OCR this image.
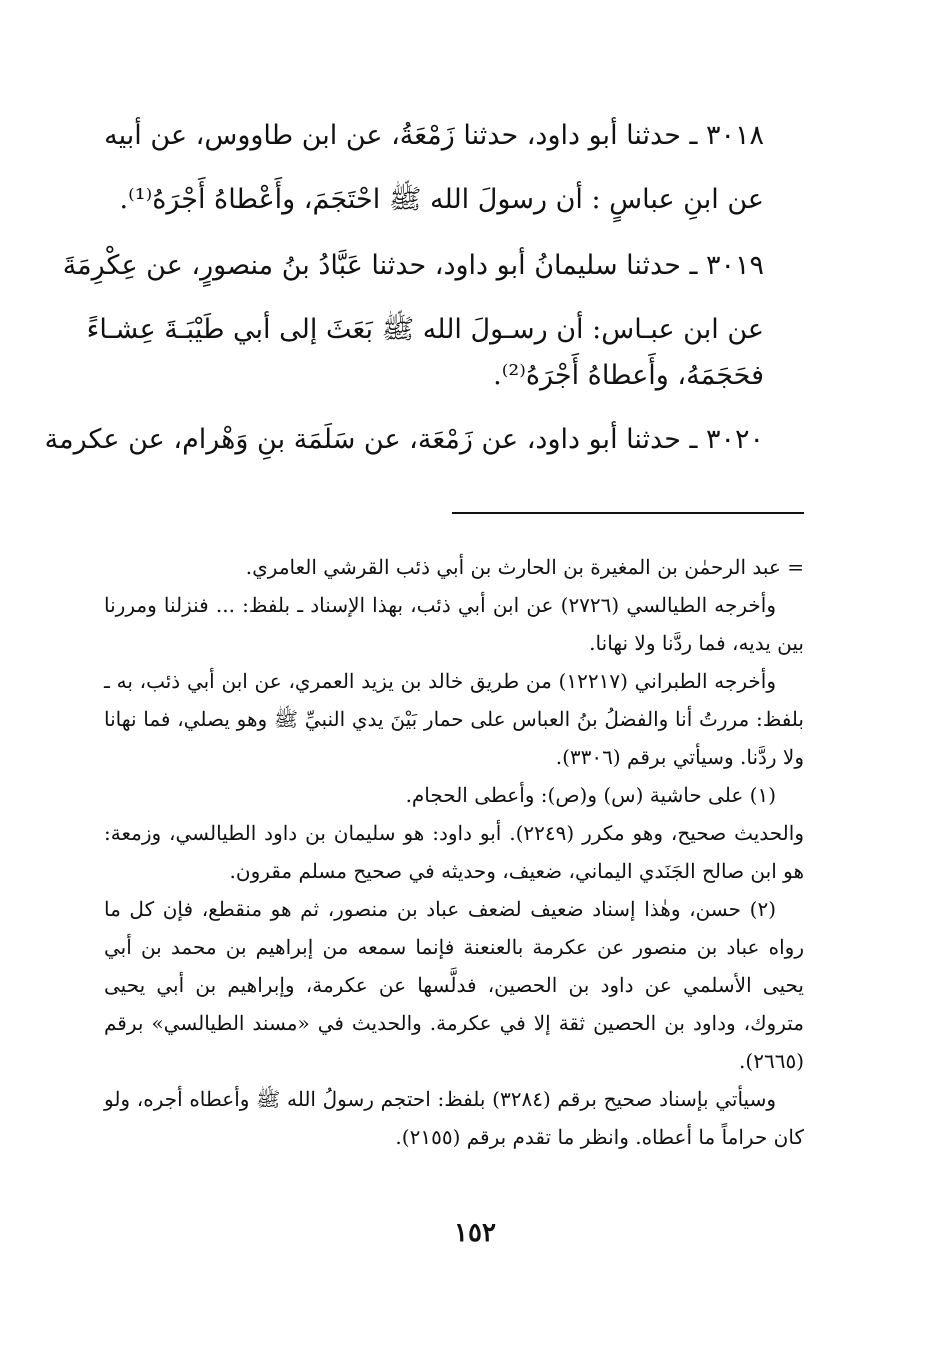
٣٠١٨ ـ حدثنا أبو داود، حدثنا زَمْعَةُ، عن ابن طاووس، عن أبيه

عن ابنِ عباسٍ : أن رسولَ الله ﷺ احْتَجَمَ، وأَعْطاهُ أَجْرَهُ⁽¹⁾.

٣٠١٩ ـ حدثنا سليمانُ أبو داود، حدثنا عَبَّادُ بنُ منصورٍ، عن عِكْرِمَةَ

عن ابن عبـاس: أن رسـولَ الله ﷺ بَعَثَ إلى أبي طَيْبَـةَ عِشـاءً

فحَجَمَهُ، وأَعطاهُ أَجْرَهُ⁽²⁾.

٣٠٢٠ ـ حدثنا أبو داود، عن زَمْعَة، عن سَلَمَة بنِ وَهْرام، عن عكرمة

= عبد الرحمٰن بن المغيرة بن الحارث بن أبي ذئب القرشي العامري.

وأخرجه الطيالسي (٢٧٢٦) عن ابن أبي ذئب، بهذا الإسناد ـ بلفظ: ... فنزلنا ومررنا بين يديه، فما ردَّنا ولا نهانا.

وأخرجه الطبراني (١٢٢١٧) من طريق خالد بن يزيد العمري، عن ابن أبي ذئب، به ـ بلفظ: مررتُ أنا والفضلُ بنُ العباس على حمار بَيْنَ يدي النبيِّ ﷺ وهو يصلي، فما نهانا ولا ردَّنا. وسيأتي برقم (٣٣٠٦).

(١) على حاشية (س) و(ص): وأعطى الحجام.

والحديث صحيح، وهو مكرر (٢٢٤٩). أبو داود: هو سليمان بن داود الطيالسي، وزمعة: هو ابن صالح الجَنَدي اليماني، ضعيف، وحديثه في صحيح مسلم مقرون.

(٢) حسن، وهٰذا إسناد ضعيف لضعف عباد بن منصور، ثم هو منقطع، فإن كل ما رواه عباد بن منصور عن عكرمة بالعنعنة فإنما سمعه من إبراهيم بن محمد بن أبي يحيى الأسلمي عن داود بن الحصين، فدلَّسها عن عكرمة، وإبراهيم بن أبي يحيى متروك، وداود بن الحصين ثقة إلا في عكرمة. والحديث في «مسند الطيالسي» برقم (٢٦٦٥).

وسيأتي بإسناد صحيح برقم (٣٢٨٤) بلفظ: احتجم رسولُ الله ﷺ وأعطاه أجره، ولو كان حراماً ما أعطاه. وانظر ما تقدم برقم (٢١٥٥).

١٥٢
